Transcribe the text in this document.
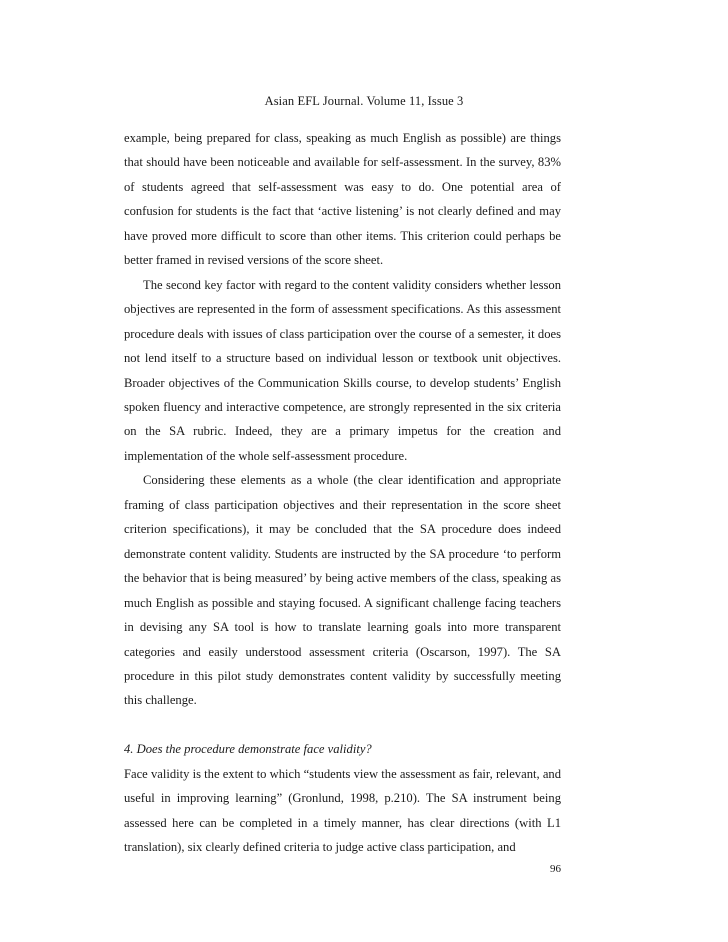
Asian EFL Journal. Volume 11, Issue 3

example, being prepared for class, speaking as much English as possible) are things that should have been noticeable and available for self-assessment. In the survey, 83% of students agreed that self-assessment was easy to do. One potential area of confusion for students is the fact that ‘active listening’ is not clearly defined and may have proved more difficult to score than other items. This criterion could perhaps be better framed in revised versions of the score sheet.

The second key factor with regard to the content validity considers whether lesson objectives are represented in the form of assessment specifications. As this assessment procedure deals with issues of class participation over the course of a semester, it does not lend itself to a structure based on individual lesson or textbook unit objectives. Broader objectives of the Communication Skills course, to develop students’ English spoken fluency and interactive competence, are strongly represented in the six criteria on the SA rubric. Indeed, they are a primary impetus for the creation and implementation of the whole self-assessment procedure.

Considering these elements as a whole (the clear identification and appropriate framing of class participation objectives and their representation in the score sheet criterion specifications), it may be concluded that the SA procedure does indeed demonstrate content validity. Students are instructed by the SA procedure ‘to perform the behavior that is being measured’ by being active members of the class, speaking as much English as possible and staying focused. A significant challenge facing teachers in devising any SA tool is how to translate learning goals into more transparent categories and easily understood assessment criteria (Oscarson, 1997). The SA procedure in this pilot study demonstrates content validity by successfully meeting this challenge.

4. Does the procedure demonstrate face validity?

Face validity is the extent to which “students view the assessment as fair, relevant, and useful in improving learning” (Gronlund, 1998, p.210). The SA instrument being assessed here can be completed in a timely manner, has clear directions (with L1 translation), six clearly defined criteria to judge active class participation, and

96
